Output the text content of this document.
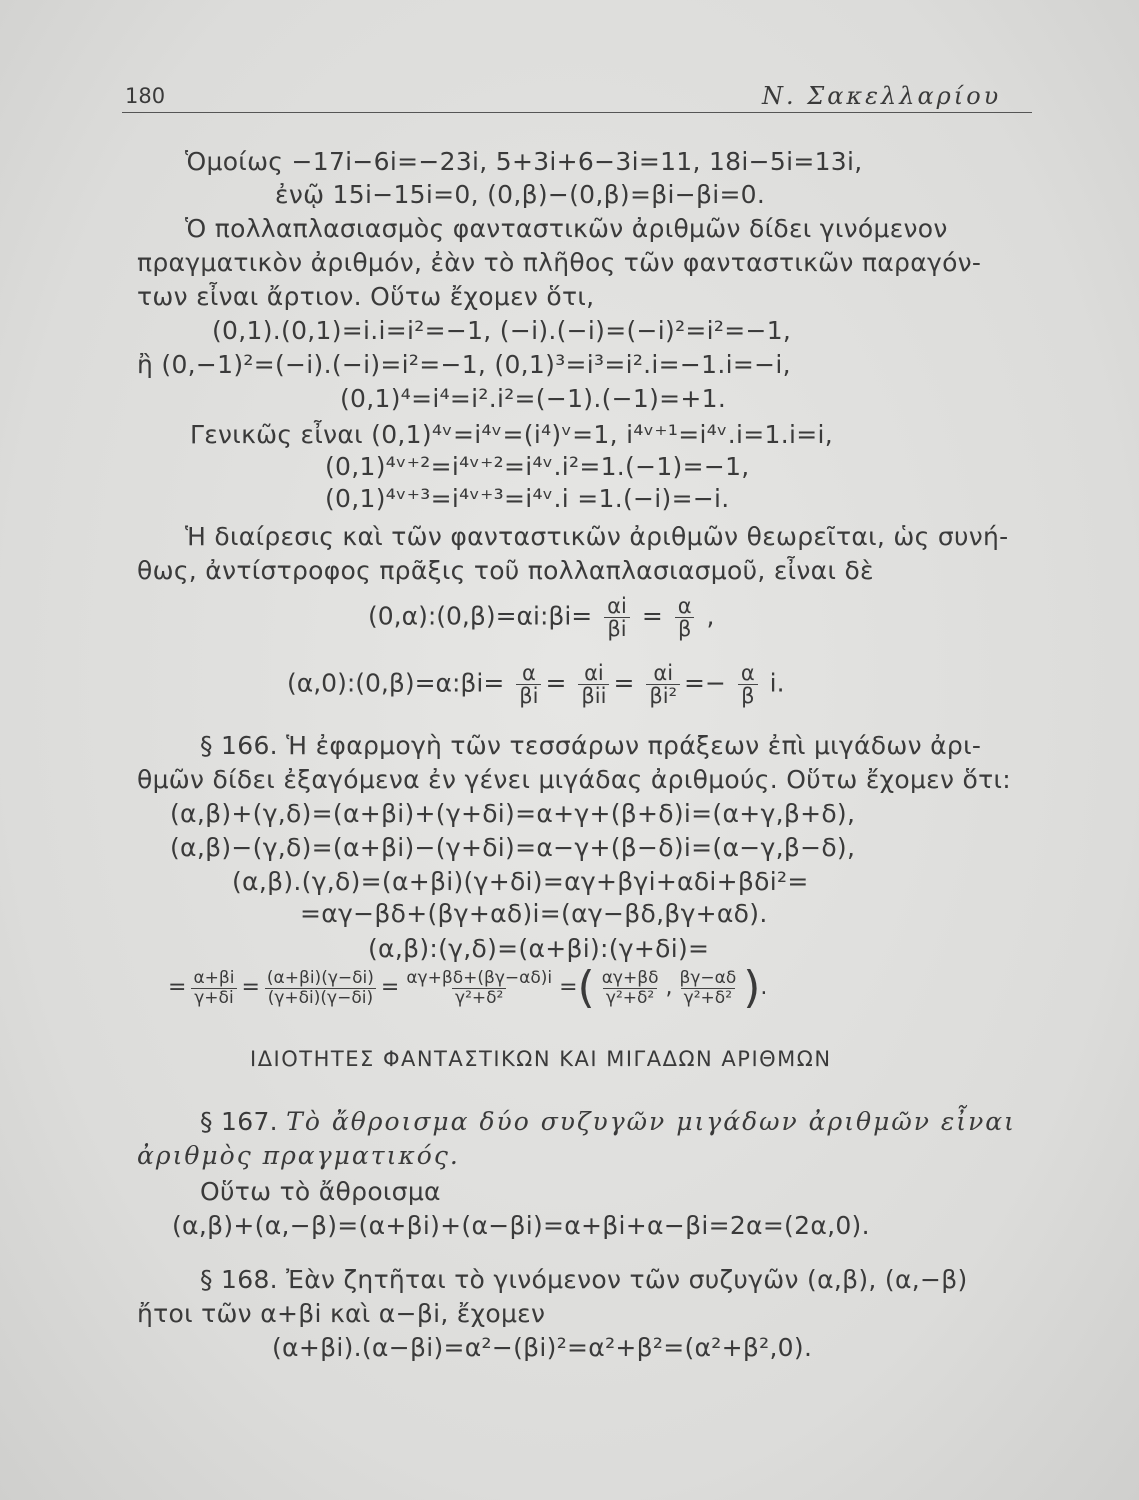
180	Ν. Σακελλαρίου
Ὁμοίως −17i−6i=−23i, 5+3i+6−3i=11, 18i−5i=13i,
ἐνῷ 15i−15i=0, (0,β)−(0,β)=βi−βi=0.
Ὁ πολλαπλασιασμὸς φανταστικῶν ἀριθμῶν δίδει γινόμενον
πραγματικὸν ἀριθμόν, ἐὰν τὸ πλῆθος τῶν φανταστικῶν παραγόν-
των εἶναι ἄρτιον. Οὕτω ἔχομεν ὅτι,
(0,1).(0,1)=i.i=i²=−1, (−i).(−i)=(−i)²=i²=−1,
ἢ (0,−1)²=(−i).(−i)=i²=−1, (0,1)³=i³=i².i=−1.i=−i,
(0,1)⁴=i⁴=i².i²=(−1).(−1)=+1.
Γενικῶς εἶναι (0,1)⁴ᵛ=i⁴ᵛ=(i⁴)ᵛ=1, i⁴ᵛ⁺¹=i⁴ᵛ.i=1.i=i,
(0,1)⁴ᵛ⁺²=i⁴ᵛ⁺²=i⁴ᵛ.i²=1.(−1)=−1,
(0,1)⁴ᵛ⁺³=i⁴ᵛ⁺³=i⁴ᵛ.i =1.(−i)=−i.
Ἡ διαίρεσις καὶ τῶν φανταστικῶν ἀριθμῶν θεωρεῖται, ὡς συνή-
θως, ἀντίστροφος πρᾶξις τοῦ πολλαπλασιασμοῦ, εἶναι δὲ
(0,α):(0,β)=αi:βi= $\frac{\alpha i}{\beta i} = \frac{\alpha}{\beta}$ ,
(α,0):(0,β)=α:βi= $\frac{\alpha}{\beta i} = \frac{\alpha i}{\text{βii}} = \frac{\alpha i}{\text{βi²}} =- \frac{\alpha}{\beta} i$.
§ 166. Ἡ ἐφαρμογὴ τῶν τεσσάρων πράξεων ἐπὶ μιγάδων ἀρι-
θμῶν δίδει ἐξαγόμενα ἐν γένει μιγάδας ἀριθμούς. Οὕτω ἔχομεν ὅτι:
(α,β)+(γ,δ)=(α+βi)+(γ+δi)=α+γ+(β+δ)i=(α+γ,β+δ),
(α,β)−(γ,δ)=(α+βi)−(γ+δi)=α−γ+(β−δ)i=(α−γ,β−δ),
(α,β).(γ,δ)=(α+βi)(γ+δi)=αγ+βγi+αδi+βδi²=
=αγ−βδ+(βγ+αδ)i=(αγ−βδ,βγ+αδ).
(α,β):(γ,δ)=(α+βi):(γ+δi)=
= $\frac{\alpha+\beta i}{\gamma+\delta i} = \frac{(\alpha+\beta i)(\gamma-\delta i)}{(\gamma+\delta i)(\gamma-\delta i)} = \frac{\alpha\gamma+\beta\delta+(\beta\gamma-\alpha\delta)i}{\text{γ²+δ²}}$ =( $\frac{\alpha\gamma+\beta\delta}{\text{γ²+δ²}}$ , $\frac{\beta\gamma-\alpha\delta}{\text{γ²+δ²}}$ ).
ΙΔΙΟΤΗΤΕΣ ΦΑΝΤΑΣΤΙΚΩΝ ΚΑΙ ΜΙΓΑΔΩΝ ΑΡΙΘΜΩΝ
§ 167. Τὸ ἄθροισμα δύο συζυγῶν μιγάδων ἀριθμῶν εἶναι
ἀριθμὸς πραγματικός.
Οὕτω τὸ ἄθροισμα
(α,β)+(α,−β)=(α+βi)+(α−βi)=α+βi+α−βi=2α=(2α,0).
§ 168. Ἐὰν ζητῆται τὸ γινόμενον τῶν συζυγῶν (α,β), (α,−β)
ἤτοι τῶν α+βi καὶ α−βi, ἔχομεν
(α+βi).(α−βi)=α²−(βi)²=α²+β²=(α²+β²,0).
